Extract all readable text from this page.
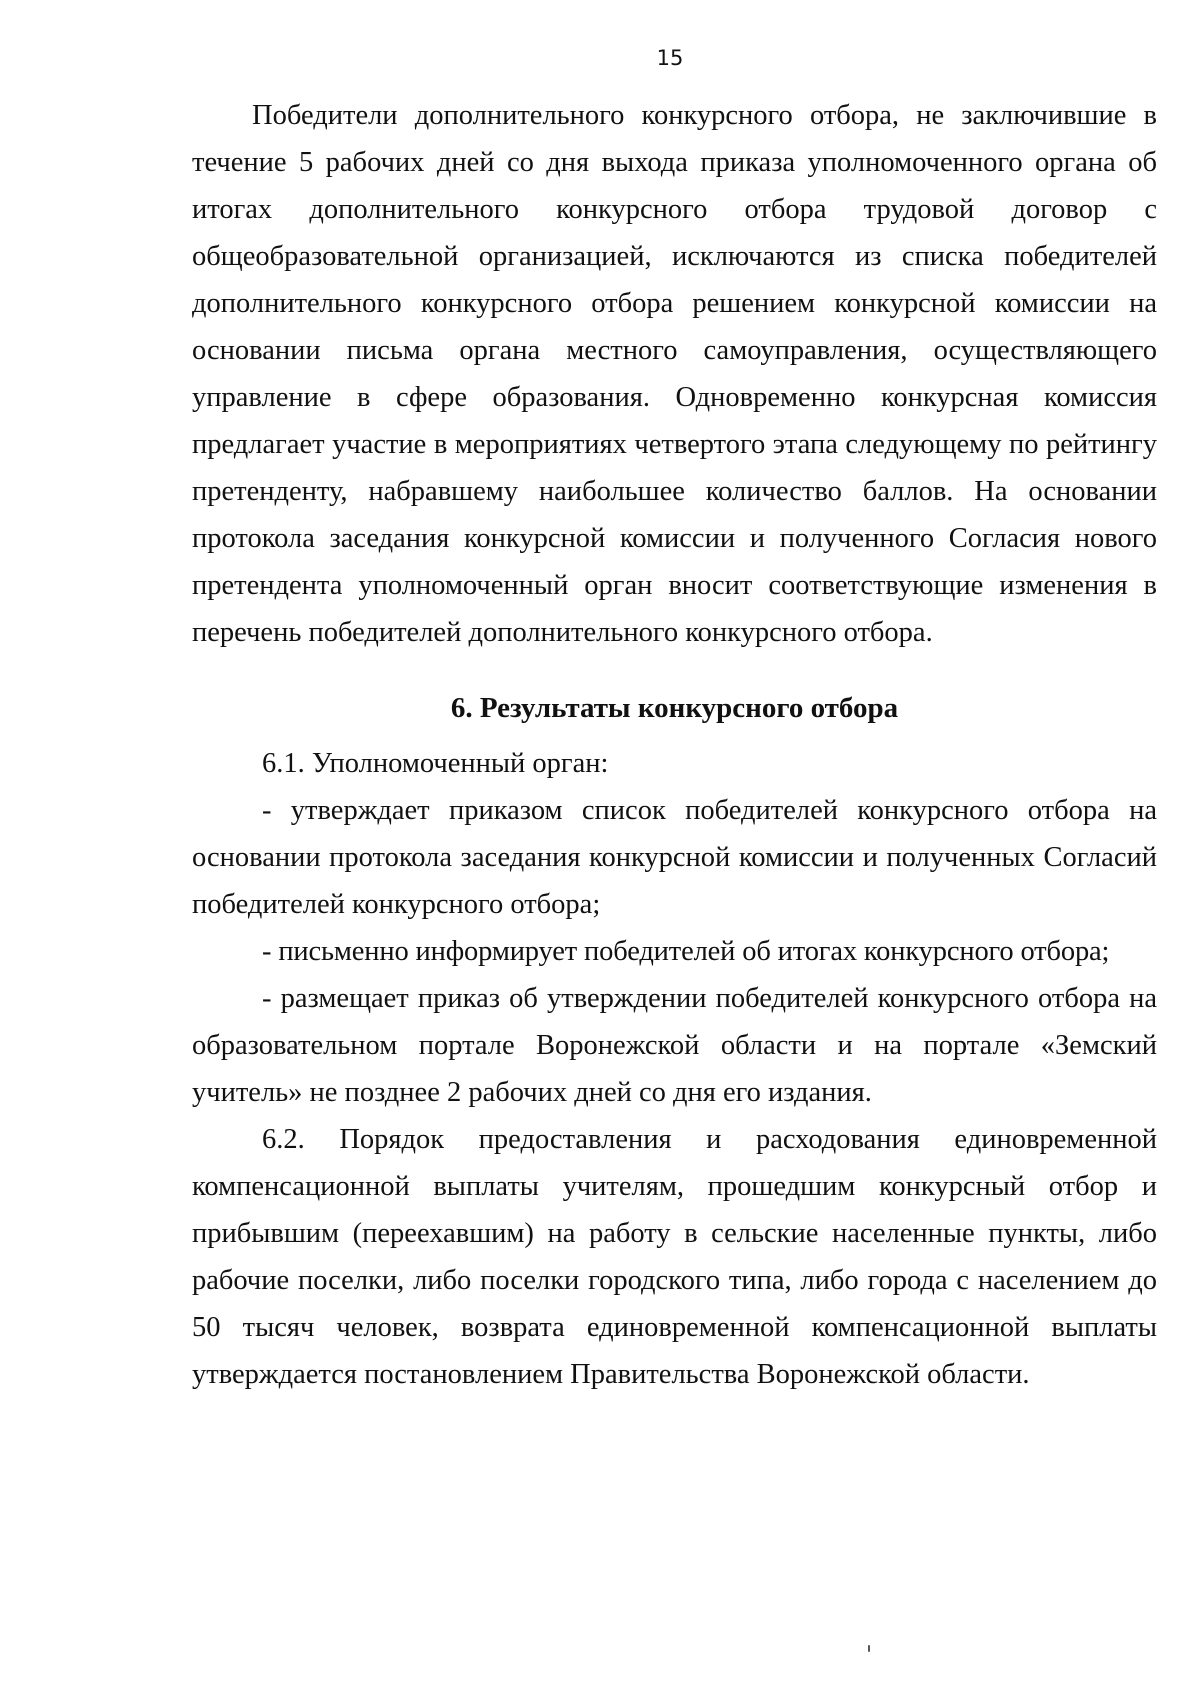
15

Победители дополнительного конкурсного отбора, не заключившие в течение 5 рабочих дней со дня выхода приказа уполномоченного органа об итогах дополнительного конкурсного отбора трудовой договор с общеобразовательной организацией, исключаются из списка победителей дополнительного конкурсного отбора решением конкурсной комиссии на основании письма органа местного самоуправления, осуществляющего управление в сфере образования. Одновременно конкурсная комиссия предлагает участие в мероприятиях четвертого этапа следующему по рейтингу претенденту, набравшему наибольшее количество баллов. На основании протокола заседания конкурсной комиссии и полученного Согласия нового претендента уполномоченный орган вносит соответствующие изменения в перечень победителей дополнительного конкурсного отбора.

6. Результаты конкурсного отбора

6.1. Уполномоченный орган:

- утверждает приказом список победителей конкурсного отбора на основании протокола заседания конкурсной комиссии и полученных Согласий победителей конкурсного отбора;

- письменно информирует победителей об итогах конкурсного отбора;

- размещает приказ об утверждении победителей конкурсного отбора на образовательном портале Воронежской области и на портале «Земский учитель» не позднее 2 рабочих дней со дня его издания.

6.2. Порядок предоставления и расходования единовременной компенсационной выплаты учителям, прошедшим конкурсный отбор и прибывшим (переехавшим) на работу в сельские населенные пункты, либо рабочие поселки, либо поселки городского типа, либо города с населением до 50 тысяч человек, возврата единовременной компенсационной выплаты утверждается постановлением Правительства Воронежской области.
